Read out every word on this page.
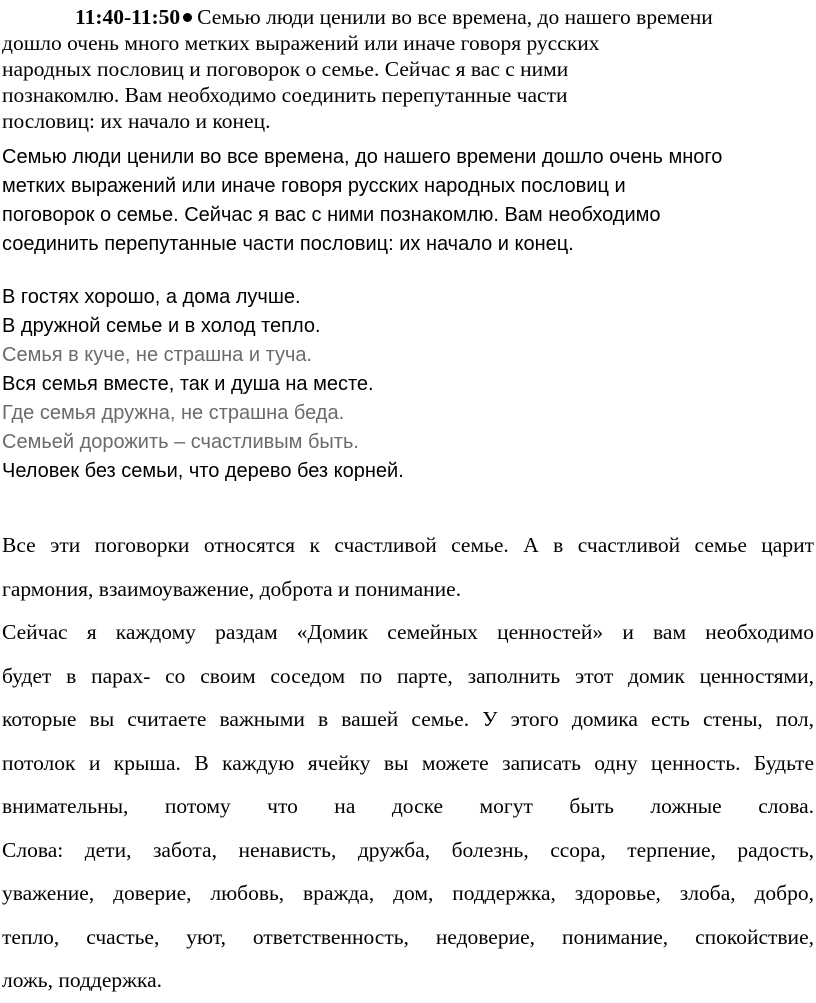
11:40-11:50 Семью люди ценили во все времена, до нашего времени
дошло очень много метких выражений или иначе говоря русских
народных пословиц и поговорок о семье. Сейчас я вас с ними
познакомлю. Вам необходимо соединить перепутанные части
пословиц: их начало и конец.
Семью люди ценили во все времена, до нашего времени дошло очень много
метких выражений или иначе говоря русских народных пословиц и
поговорок о семье. Сейчас я вас с ними познакомлю. Вам необходимо
соединить перепутанные части пословиц: их начало и конец.
В гостях хорошо, а дома лучше.
В дружной семье и в холод тепло.
Семья в куче, не страшна и туча.
Вся семья вместе, так и душа на месте.
Где семья дружна, не страшна беда.
Семьей дорожить – счастливым быть.
Человек без семьи, что дерево без корней.
Все эти поговорки относятся к счастливой семье. А в счастливой семье царит
гармония, взаимоуважение, доброта и понимание.
Сейчас я каждому раздам «Домик семейных ценностей» и вам необходимо
будет в парах- со своим соседом по парте, заполнить этот домик ценностями,
которые вы считаете важными в вашей семье. У этого домика есть стены, пол,
потолок и крыша. В каждую ячейку вы можете записать одну ценность. Будьте
внимательны, потому что на доске могут быть ложные слова.
Слова: дети, забота, ненависть, дружба, болезнь, ссора, терпение, радость,
уважение, доверие, любовь, вражда, дом, поддержка, здоровье, злоба, добро,
тепло, счастье, уют, ответственность, недоверие, понимание, спокойствие,
ложь, поддержка.
